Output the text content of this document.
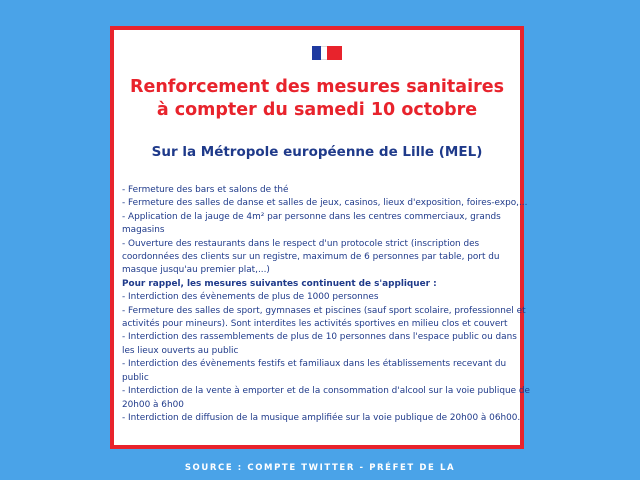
Renforcement des mesures sanitaires
à compter du samedi 10 octobre
Sur la Métropole européenne de Lille (MEL)
- Fermeture des bars et salons de thé
- Fermeture des salles de danse et salles de jeux, casinos, lieux d'exposition, foires-expo,...
- Application de la jauge de 4m² par personne dans les centres commerciaux, grands magasins
- Ouverture des restaurants dans le respect d'un protocole strict (inscription des coordonnées des clients sur un registre, maximum de 6 personnes par table, port du masque jusqu'au premier plat,...)
Pour rappel, les mesures suivantes continuent de s'appliquer :
- Interdiction des évènements de plus de 1000 personnes
- Fermeture des salles de sport, gymnases et piscines (sauf sport scolaire, professionnel et activités pour mineurs). Sont interdites les activités sportives en milieu clos et couvert
- Interdiction des rassemblements de plus de 10 personnes dans l'espace public ou dans les lieux ouverts au public
- Interdiction des évènements festifs et familiaux dans les établissements recevant du public
- Interdiction de la vente à emporter et de la consommation d'alcool sur la voie publique de 20h00 à 6h00
- Interdiction de diffusion de la musique amplifiée sur la voie publique de 20h00 à 06h00.
SOURCE : COMPTE TWITTER - PRÉFET DE LA
